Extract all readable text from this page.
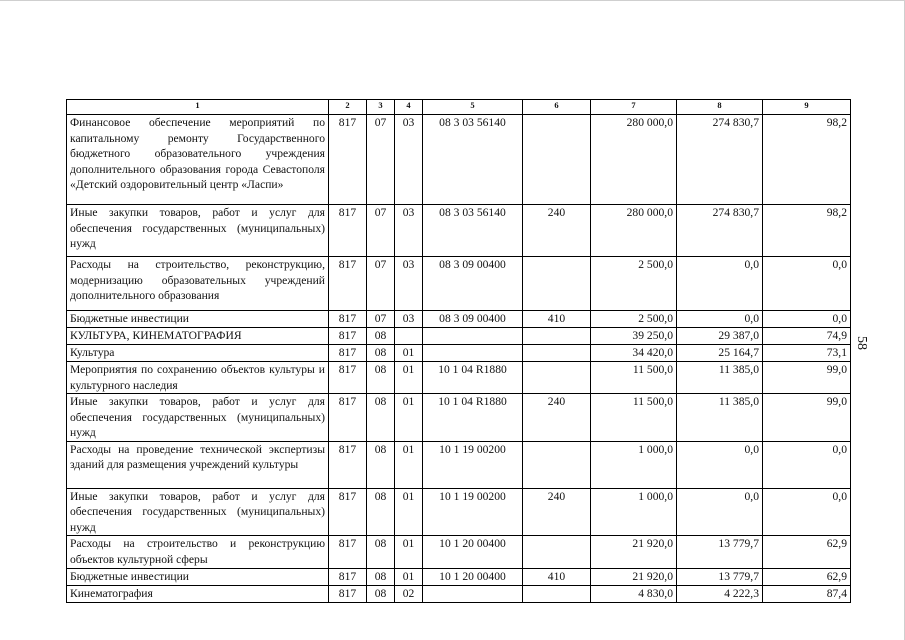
58
1	2	3	4	5	6	7	8	9
Финансовое обеспечение мероприятий по капитальному ремонту Государственного бюджетного образовательного учреждения дополнительного образования города Севастополя «Детский оздоровительный центр «Ласпи»	817	07	03	08 3 03 56140		280 000,0	274 830,7	98,2
Иные закупки товаров, работ и услуг для обеспечения государственных (муниципальных) нужд	817	07	03	08 3 03 56140	240	280 000,0	274 830,7	98,2
Расходы на строительство, реконструкцию, модернизацию образовательных учреждений дополнительного образования	817	07	03	08 3 09 00400		2 500,0	0,0	0,0
Бюджетные инвестиции	817	07	03	08 3 09 00400	410	2 500,0	0,0	0,0
КУЛЬТУРА, КИНЕМАТОГРАФИЯ	817	08				39 250,0	29 387,0	74,9
Культура	817	08	01			34 420,0	25 164,7	73,1
Мероприятия по сохранению объектов культуры и культурного наследия	817	08	01	10 1 04 R1880		11 500,0	11 385,0	99,0
Иные закупки товаров, работ и услуг для обеспечения государственных (муниципальных) нужд	817	08	01	10 1 04 R1880	240	11 500,0	11 385,0	99,0
Расходы на проведение технической экспертизы зданий для размещения учреждений культуры	817	08	01	10 1 19 00200		1 000,0	0,0	0,0
Иные закупки товаров, работ и услуг для обеспечения государственных (муниципальных) нужд	817	08	01	10 1 19 00200	240	1 000,0	0,0	0,0
Расходы на строительство и реконструкцию объектов культурной сферы	817	08	01	10 1 20 00400		21 920,0	13 779,7	62,9
Бюджетные инвестиции	817	08	01	10 1 20 00400	410	21 920,0	13 779,7	62,9
Кинематография	817	08	02			4 830,0	4 222,3	87,4
